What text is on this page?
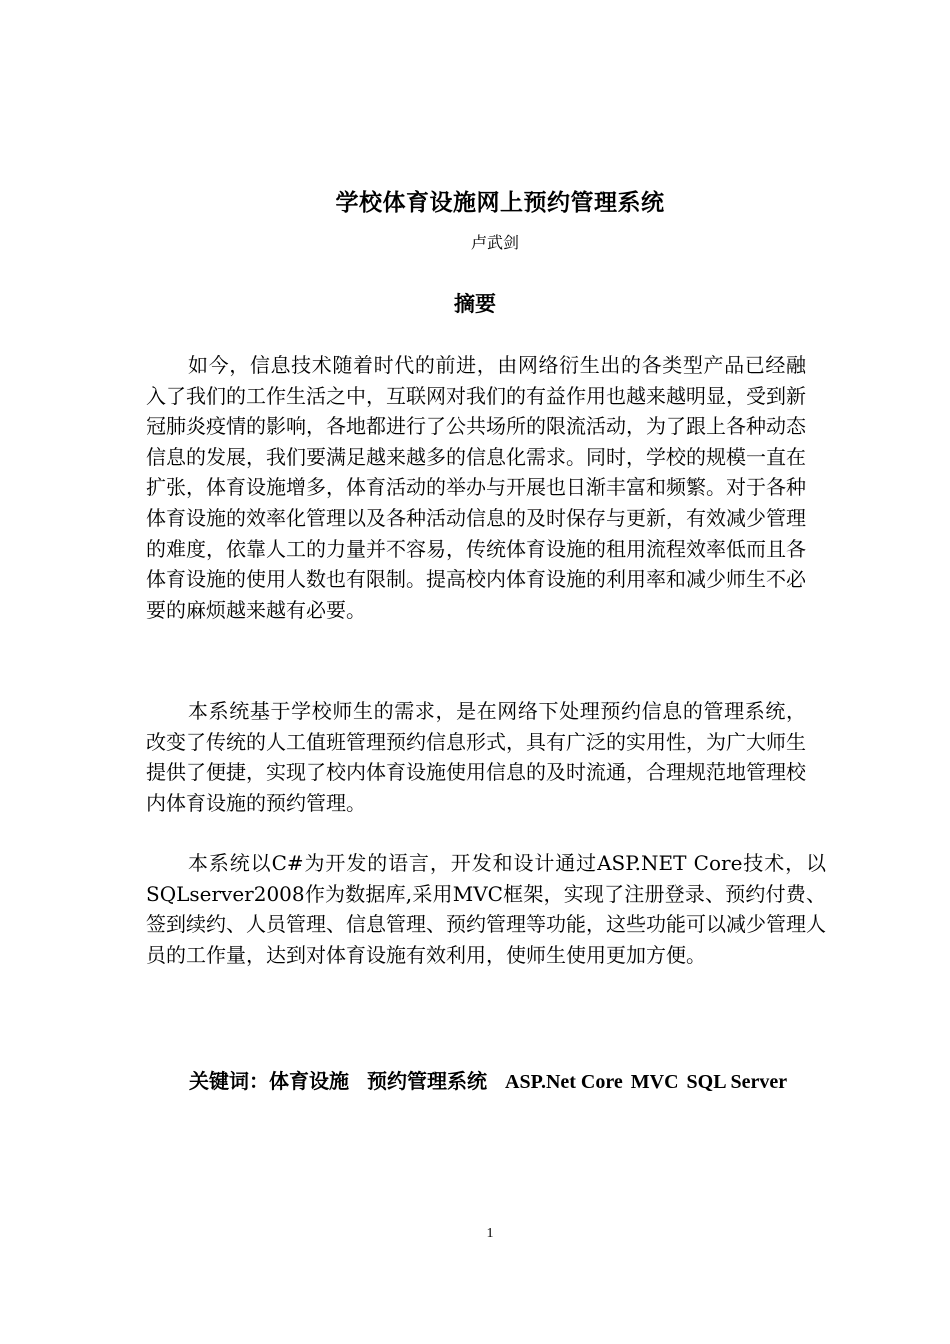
学校体育设施网上预约管理系统
卢武剑
摘要

如今，信息技术随着时代的前进，由网络衍生出的各类型产品已经融入了我们的工作生活之中，互联网对我们的有益作用也越来越明显，受到新冠肺炎疫情的影响，各地都进行了公共场所的限流活动，为了跟上各种动态信息的发展，我们要满足越来越多的信息化需求。同时，学校的规模一直在扩张，体育设施增多，体育活动的举办与开展也日渐丰富和频繁。对于各种体育设施的效率化管理以及各种活动信息的及时保存与更新，有效减少管理的难度，依靠人工的力量并不容易，传统体育设施的租用流程效率低而且各体育设施的使用人数也有限制。提高校内体育设施的利用率和减少师生不必要的麻烦越来越有必要。

本系统基于学校师生的需求，是在网络下处理预约信息的管理系统，改变了传统的人工值班管理预约信息形式，具有广泛的实用性，为广大师生提供了便捷，实现了校内体育设施使用信息的及时流通，合理规范地管理校内体育设施的预约管理。

本系统以C#为开发的语言，开发和设计通过ASP.NET Core技术，以SQLserver2008作为数据库,采用MVC框架，实现了注册登录、预约付费、签到续约、人员管理、信息管理、预约管理等功能，这些功能可以减少管理人员的工作量，达到对体育设施有效利用，使师生使用更加方便。

关键词：体育设施 预约管理系统 ASP.Net Core MVC SQL Server

1
